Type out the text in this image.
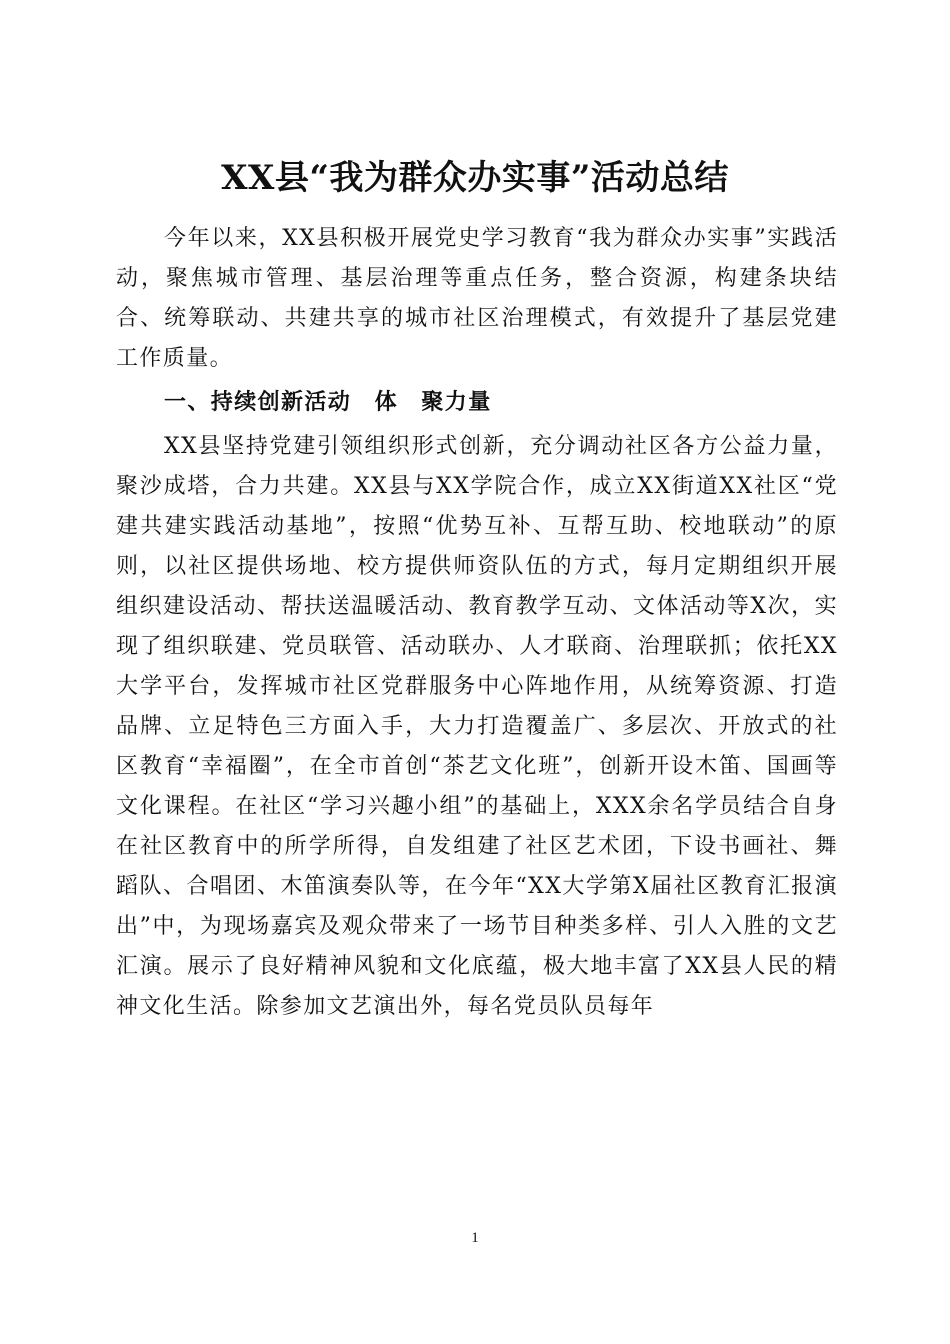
XX县“我为群众办实事”活动总结

今年以来，XX县积极开展党史学习教育“我为群众办实事”实践活动，聚焦城市管理、基层治理等重点任务，整合资源，构建条块结合、统筹联动、共建共享的城市社区治理模式，有效提升了基层党建工作质量。

一、持续创新活动　体　聚力量

XX县坚持党建引领组织形式创新，充分调动社区各方公益力量，聚沙成塔，合力共建。XX县与XX学院合作，成立XX街道XX社区“党建共建实践活动基地”，按照“优势互补、互帮互助、校地联动”的原则，以社区提供场地、校方提供师资队伍的方式，每月定期组织开展组织建设活动、帮扶送温暖活动、教育教学互动、文体活动等X次，实现了组织联建、党员联管、活动联办、人才联商、治理联抓；依托XX大学平台，发挥城市社区党群服务中心阵地作用，从统筹资源、打造品牌、立足特色三方面入手，大力打造覆盖广、多层次、开放式的社区教育“幸福圈”，在全市首创“茶艺文化班”，创新开设木笛、国画等文化课程。在社区“学习兴趣小组”的基础上，XXX余名学员结合自身在社区教育中的所学所得，自发组建了社区艺术团，下设书画社、舞蹈队、合唱团、木笛演奏队等，在今年“XX大学第X届社区教育汇报演出”中，为现场嘉宾及观众带来了一场节目种类多样、引人入胜的文艺汇演。展示了良好精神风貌和文化底蕴，极大地丰富了XX县人民的精神文化生活。除参加文艺演出外，每名党员队员每年

1
